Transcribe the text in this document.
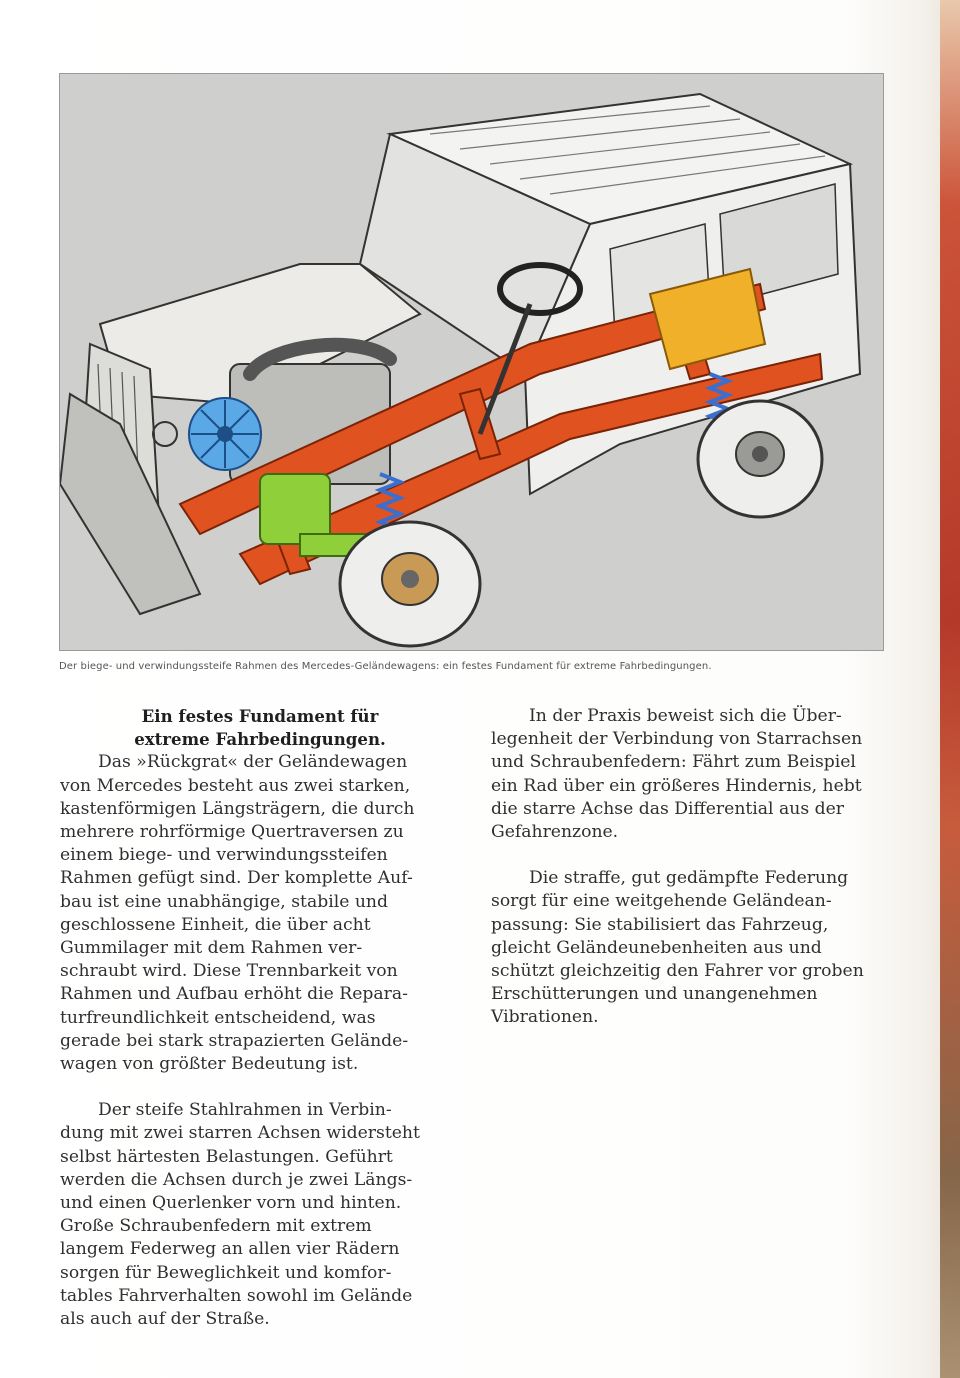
Der biege- und verwindungssteife Rahmen des Mercedes-Geländewagens: ein festes Fundament für extreme Fahrbedingungen.
Ein festes Fundament für
extreme Fahrbedingungen.
Das »Rückgrat« der Geländewagen
von Mercedes besteht aus zwei starken,
kastenförmigen Längsträgern, die durch
mehrere rohrförmige Quertraversen zu
einem biege- und verwindungssteifen
Rahmen gefügt sind. Der komplette Auf-
bau ist eine unabhängige, stabile und
geschlossene Einheit, die über acht
Gummilager mit dem Rahmen ver-
schraubt wird. Diese Trennbarkeit von
Rahmen und Aufbau erhöht die Repara-
turfreundlichkeit entscheidend, was
gerade bei stark strapazierten Gelände-
wagen von größter Bedeutung ist.
Der steife Stahlrahmen in Verbin-
dung mit zwei starren Achsen widersteht
selbst härtesten Belastungen. Geführt
werden die Achsen durch je zwei Längs-
und einen Querlenker vorn und hinten.
Große Schraubenfedern mit extrem
langem Federweg an allen vier Rädern
sorgen für Beweglichkeit und komfor-
tables Fahrverhalten sowohl im Gelände
als auch auf der Straße.
In der Praxis beweist sich die Über-
legenheit der Verbindung von Starrachsen
und Schraubenfedern: Fährt zum Beispiel
ein Rad über ein größeres Hindernis, hebt
die starre Achse das Differential aus der
Gefahrenzone.
Die straffe, gut gedämpfte Federung
sorgt für eine weitgehende Geländean-
passung: Sie stabilisiert das Fahrzeug,
gleicht Geländeunebenheiten aus und
schützt gleichzeitig den Fahrer vor groben
Erschütterungen und unangenehmen
Vibrationen.
